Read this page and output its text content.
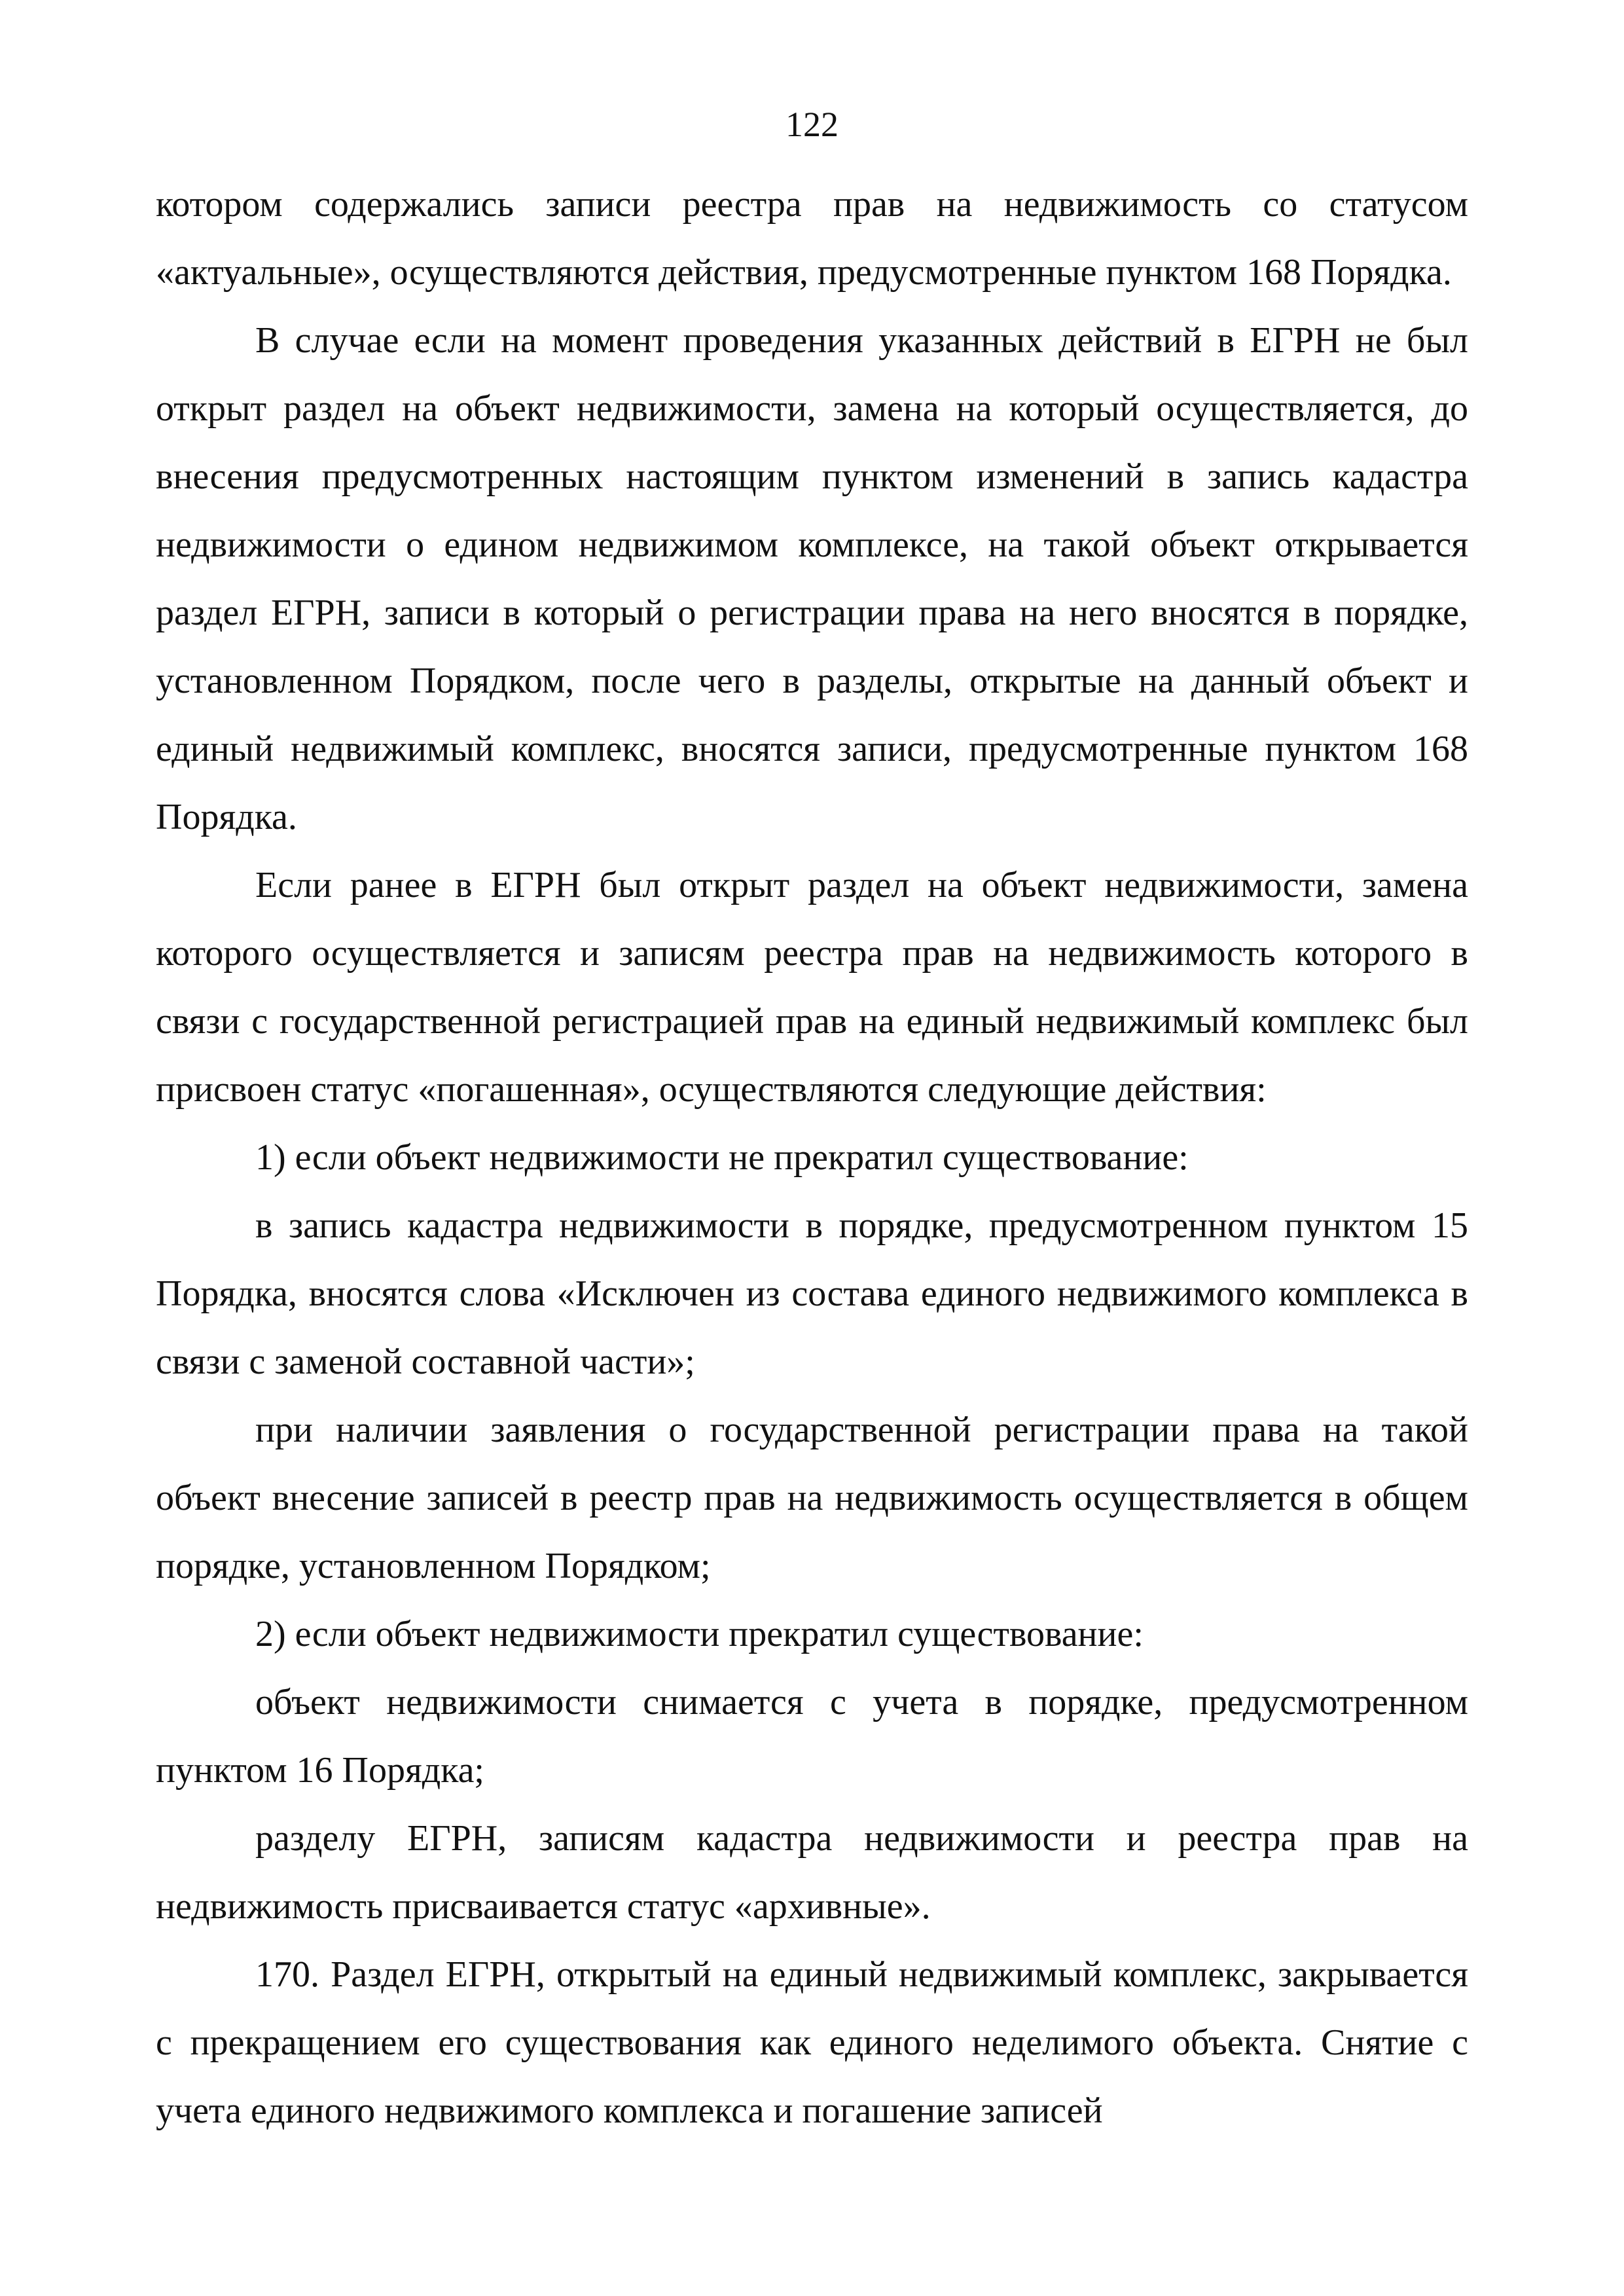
122

котором содержались записи реестра прав на недвижимость со статусом «актуальные», осуществляются действия, предусмотренные пунктом 168 Порядка.

В случае если на момент проведения указанных действий в ЕГРН не был открыт раздел на объект недвижимости, замена на который осуществляется, до внесения предусмотренных настоящим пунктом изменений в запись кадастра недвижимости о едином недвижимом комплексе, на такой объект открывается раздел ЕГРН, записи в который о регистрации права на него вносятся в порядке, установленном Порядком, после чего в разделы, открытые на данный объект и единый недвижимый комплекс, вносятся записи, предусмотренные пунктом 168 Порядка.

Если ранее в ЕГРН был открыт раздел на объект недвижимости, замена которого осуществляется и записям реестра прав на недвижимость которого в связи с государственной регистрацией прав на единый недвижимый комплекс был присвоен статус «погашенная», осуществляются следующие действия:

1) если объект недвижимости не прекратил существование:

в запись кадастра недвижимости в порядке, предусмотренном пунктом 15 Порядка, вносятся слова «Исключен из состава единого недвижимого комплекса в связи с заменой составной части»;

при наличии заявления о государственной регистрации права на такой объект внесение записей в реестр прав на недвижимость осуществляется в общем порядке, установленном Порядком;

2) если объект недвижимости прекратил существование:

объект недвижимости снимается с учета в порядке, предусмотренном пунктом 16 Порядка;

разделу ЕГРН, записям кадастра недвижимости и реестра прав на недвижимость присваивается статус «архивные».

170. Раздел ЕГРН, открытый на единый недвижимый комплекс, закрывается с прекращением его существования как единого неделимого объекта. Снятие с учета единого недвижимого комплекса и погашение записей
